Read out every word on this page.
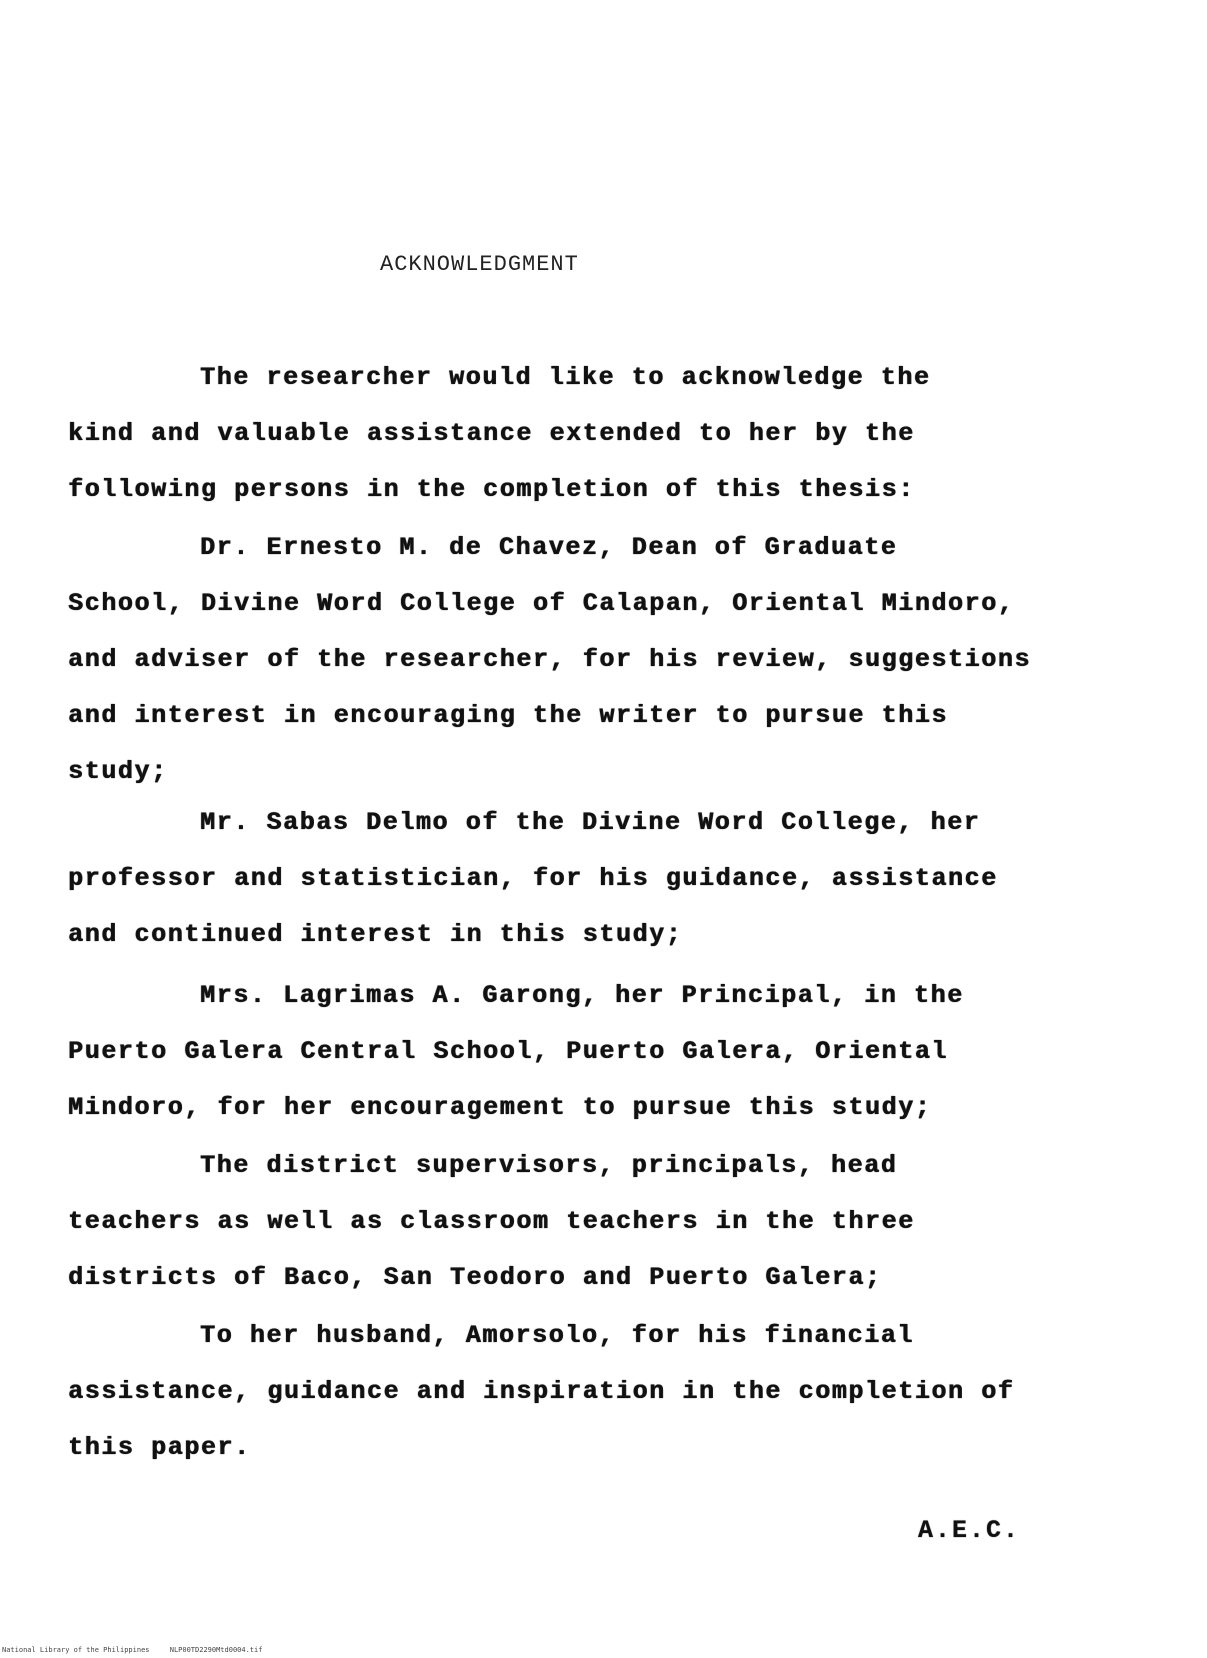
ACKNOWLEDGMENT
The researcher would like to acknowledge the
kind and valuable assistance extended to her by the
following persons in the completion of this thesis:
Dr. Ernesto M. de Chavez, Dean of Graduate
School, Divine Word College of Calapan, Oriental Mindoro,
and adviser of the researcher, for his review, suggestions
and interest in encouraging the writer to pursue this
study;
Mr. Sabas Delmo of the Divine Word College, her
professor and statistician, for his guidance, assistance
and continued interest in this study;
Mrs. Lagrimas A. Garong, her Principal, in the
Puerto Galera Central School, Puerto Galera, Oriental
Mindoro, for her encouragement to pursue this study;
The district supervisors, principals, head
teachers as well as classroom teachers in the three
districts of Baco, San Teodoro and Puerto Galera;
To her husband, Amorsolo, for his financial
assistance, guidance and inspiration in the completion of
this paper.
A.E.C.
National Library of the Philippines	NLP00TD2290Mtd0004.tif
